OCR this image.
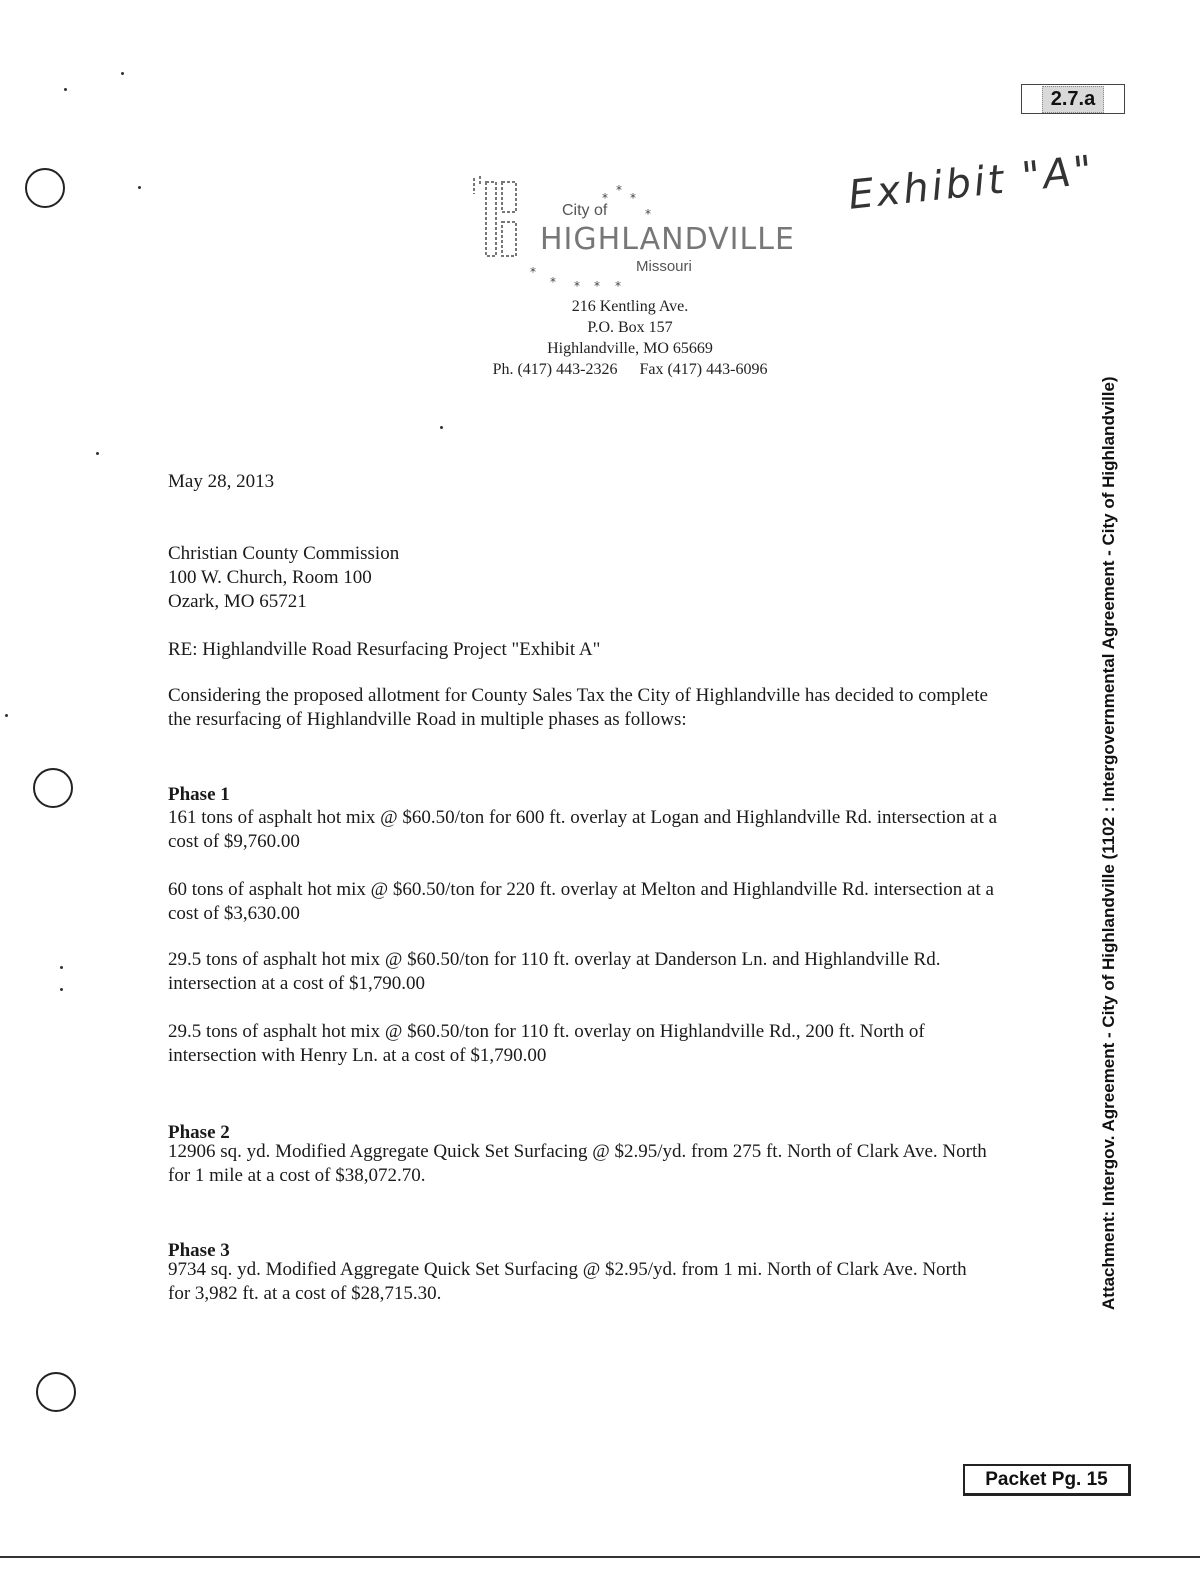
2.7.a
Exhibit "A"
*
*
*
*
*
* * * *
City of
HIGHLANDVILLE
Missouri
216 Kentling Ave.
P.O. Box 157
Highlandville, MO 65669
Ph. (417) 443-2326 Fax (417) 443-6096
May 28, 2013
Christian County Commission
100 W. Church, Room 100
Ozark, MO 65721
RE: Highlandville Road Resurfacing Project "Exhibit A"
Considering the proposed allotment for County Sales Tax the City of Highlandville has decided to complete
the resurfacing of Highlandville Road in multiple phases as follows:
Phase 1
161 tons of asphalt hot mix @ $60.50/ton for 600 ft. overlay at Logan and Highlandville Rd. intersection at a
cost of $9,760.00
60 tons of asphalt hot mix @ $60.50/ton for 220 ft. overlay at Melton and Highlandville Rd. intersection at a
cost of $3,630.00
29.5 tons of asphalt hot mix @ $60.50/ton for 110 ft. overlay at Danderson Ln. and Highlandville Rd.
intersection at a cost of $1,790.00
29.5 tons of asphalt hot mix @ $60.50/ton for 110 ft. overlay on Highlandville Rd., 200 ft. North of
intersection with Henry Ln. at a cost of $1,790.00
Phase 2
12906 sq. yd. Modified Aggregate Quick Set Surfacing @ $2.95/yd. from 275 ft. North of Clark Ave. North
for 1 mile at a cost of $38,072.70.
Phase 3
9734 sq. yd. Modified Aggregate Quick Set Surfacing @ $2.95/yd. from 1 mi. North of Clark Ave. North
for 3,982 ft. at a cost of $28,715.30.	Attachment: Intergov. Agreement - City of Highlandville (1102 : Intergovernmental Agreement - City of Highlandville)
Packet Pg. 15
